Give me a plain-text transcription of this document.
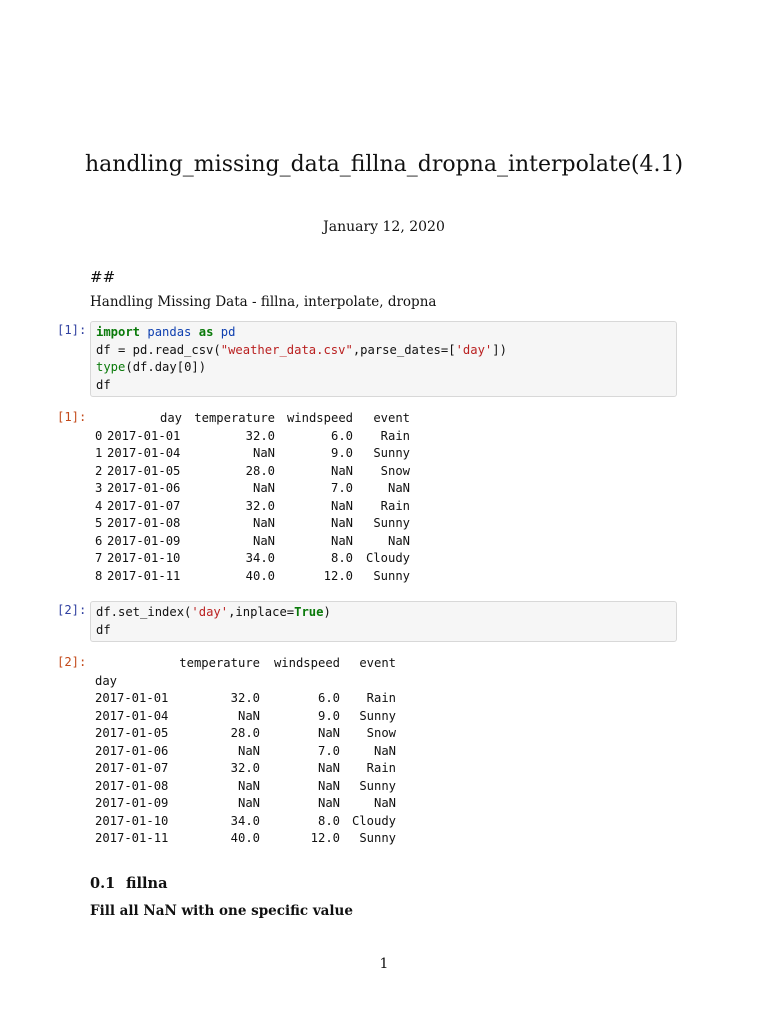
handling_missing_data_fillna_dropna_interpolate(4.1)
January 12, 2020
##
Handling Missing Data - fillna, interpolate, dropna
[1]: import pandas as pd
df = pd.read_csv("weather_data.csv",parse_dates=['day'])
type(df.day[0])
df
[1]:	day	temperature windspeed	event
0 2017-01-01	32.0	6.0	Rain
1 2017-01-04	NaN	9.0	Sunny
2 2017-01-05	28.0	NaN	Snow
3 2017-01-06	NaN	7.0	NaN
4 2017-01-07	32.0	NaN	Rain
5 2017-01-08	NaN	NaN	Sunny
6 2017-01-09	NaN	NaN	NaN
7 2017-01-10	34.0	8.0	Cloudy
8 2017-01-11	40.0	12.0	Sunny
[2]: df.set_index('day',inplace=True)
df
[2]:	temperature	windspeed	event
day
2017-01-01	32.0	6.0	Rain
2017-01-04	NaN	9.0	Sunny
2017-01-05	28.0	NaN	Snow
2017-01-06	NaN	7.0	NaN
2017-01-07	32.0	NaN	Rain
2017-01-08	NaN	NaN	Sunny
2017-01-09	NaN	NaN	NaN
2017-01-10	34.0	8.0 Cloudy
2017-01-11	40.0	12.0	Sunny
0.1 fillna
Fill all NaN with one specific value
1
